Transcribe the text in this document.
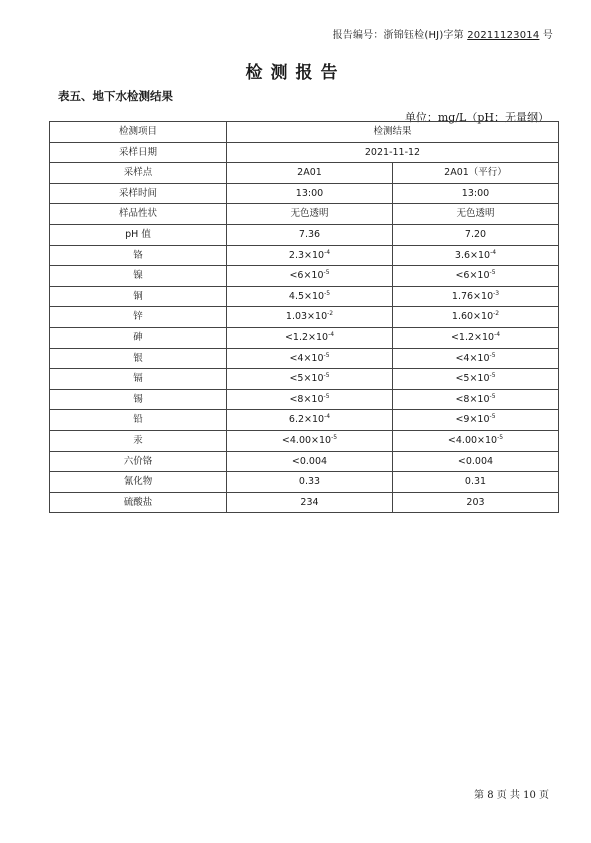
报告编号：浙锦钰检(HJ)字第 20211123014 号
检测报告
表五、地下水检测结果
单位：mg/L（pH：无量纲）
检测项目	检测结果	
采样日期	2021-11-12	
采样点	2A01	2A01（平行）
采样时间	13:00	13:00
样品性状	无色透明	无色透明
pH 值	7.36	7.20
铬	$2.3\times 10^{-4}$	$3.6\times 10^{-4}$
镍	$<6\times 10^{-5}$	$<6\times 10^{-5}$
铜	$4.5\times 10^{-5}$	$1.76\times 10^{-3}$
锌	$1.03\times 10^{-2}$	$1.60\times 10^{-2}$
砷	$<1.2\times 10^{-4}$	$<1.2\times 10^{-4}$
银	$<4\times 10^{-5}$	$<4\times 10^{-5}$
镉	$<5\times 10^{-5}$	$<5\times 10^{-5}$
锡	$<8\times 10^{-5}$	$<8\times 10^{-5}$
铅	$6.2\times 10^{-4}$	$<9\times 10^{-5}$
汞	$<4.00\times 10^{-5}$	$<4.00\times 10^{-5}$
六价铬	<0.004	<0.004
氰化物	0.33	0.31
硫酸盐	234	203
第 8 页 共 10 页
